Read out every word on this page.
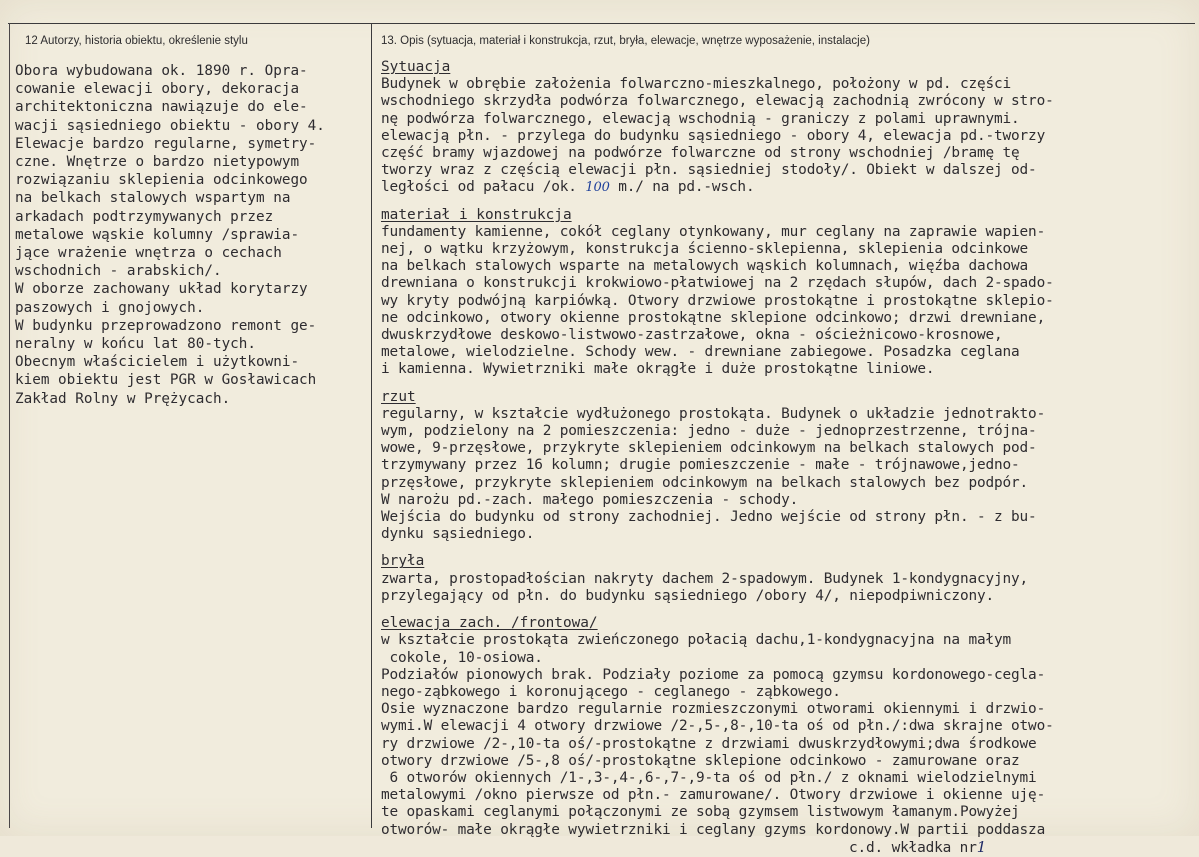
12 Autorzy, historia obiektu, określenie stylu	13. Opis (sytuacja, materiał i konstrukcja, rzut, bryła, elewacje, wnętrze wyposażenie, instalacje)
Obora wybudowana ok. 1890 r. Opra-
cowanie elewacji obory, dekoracja
architektoniczna nawiązuje do ele-
wacji sąsiedniego obiektu - obory 4.
Elewacje bardzo regularne, symetry-
czne. Wnętrze o bardzo nietypowym
rozwiązaniu sklepienia odcinkowego
na belkach stalowych wspartym na
arkadach podtrzymywanych przez
metalowe wąskie kolumny /sprawia-
jące wrażenie wnętrza o cechach
wschodnich - arabskich/.
W oborze zachowany układ korytarzy
paszowych i gnojowych.
W budynku przeprowadzono remont ge-
neralny w końcu lat 80-tych.
Obecnym właścicielem i użytkowni-
kiem obiektu jest PGR w Gosławicach
Zakład Rolny w Prężycach.
Sytuacja
Budynek w obrębie założenia folwarczno-mieszkalnego, położony w pd. części
wschodniego skrzydła podwórza folwarcznego, elewacją zachodnią zwrócony w stro-
nę podwórza folwarcznego, elewacją wschodnią - graniczy z polami uprawnymi.
elewacją płn. - przylega do budynku sąsiedniego - obory 4, elewacja pd.-tworzy
część bramy wjazdowej na podwórze folwarczne od strony wschodniej /bramę tę
tworzy wraz z częścią elewacji płn. sąsiedniej stodoły/. Obiekt w dalszej od-
ległości od pałacu /ok. 100 m./ na pd.-wsch.
materiał i konstrukcja
fundamenty kamienne, cokół ceglany otynkowany, mur ceglany na zaprawie wapien-
nej, o wątku krzyżowym, konstrukcja ścienno-sklepienna, sklepienia odcinkowe
na belkach stalowych wsparte na metalowych wąskich kolumnach, więźba dachowa
drewniana o konstrukcji krokwiowo-płatwiowej na 2 rzędach słupów, dach 2-spado-
wy kryty podwójną karpiówką. Otwory drzwiowe prostokątne i prostokątne sklepio-
ne odcinkowo, otwory okienne prostokątne sklepione odcinkowo; drzwi drewniane,
dwuskrzydłowe deskowo-listwowo-zastrzałowe, okna - ościeżnicowo-krosnowe,
metalowe, wielodzielne. Schody wew. - drewniane zabiegowe. Posadzka ceglana
i kamienna. Wywietrzniki małe okrągłe i duże prostokątne liniowe.
rzut
regularny, w kształcie wydłużonego prostokąta. Budynek o układzie jednotrakto-
wym, podzielony na 2 pomieszczenia: jedno - duże - jednoprzestrzenne, trójna-
wowe, 9-przęsłowe, przykryte sklepieniem odcinkowym na belkach stalowych pod-
trzymywany przez 16 kolumn; drugie pomieszczenie - małe - trójnawowe,jedno-
przęsłowe, przykryte sklepieniem odcinkowym na belkach stalowych bez podpór.
W narożu pd.-zach. małego pomieszczenia - schody.
Wejścia do budynku od strony zachodniej. Jedno wejście od strony płn. - z bu-
dynku sąsiedniego.
bryła
zwarta, prostopadłościan nakryty dachem 2-spadowym. Budynek 1-kondygnacyjny,
przylegający od płn. do budynku sąsiedniego /obory 4/, niepodpiwniczony.
elewacja zach. /frontowa/
w kształcie prostokąta zwieńczonego połacią dachu,1-kondygnacyjna na małym
cokole, 10-osiowa.
Podziałów pionowych brak. Podziały poziome za pomocą gzymsu kordonowego-cegla-
nego-ząbkowego i koronującego - ceglanego - ząbkowego.
Osie wyznaczone bardzo regularnie rozmieszczonymi otworami okiennymi i drzwio-
wymi.W elewacji 4 otwory drzwiowe /2-,5-,8-,10-ta oś od płn./:dwa skrajne otwo-
ry drzwiowe /2-,10-ta oś/-prostokątne z drzwiami dwuskrzydłowymi;dwa środkowe
otwory drzwiowe /5-,8 oś/-prostokątne sklepione odcinkowo - zamurowane oraz
6 otworów okiennych /1-,3-,4-,6-,7-,9-ta oś od płn./ z oknami wielodzielnymi
metalowymi /okno pierwsze od płn.- zamurowane/. Otwory drzwiowe i okienne uję-
te opaskami ceglanymi połączonymi ze sobą gzymsem listwowym łamanym.Powyżej
otworów- małe okrągłe wywietrzniki i ceglany gzyms kordonowy.W partii poddasza
c.d. wkładka nr1
